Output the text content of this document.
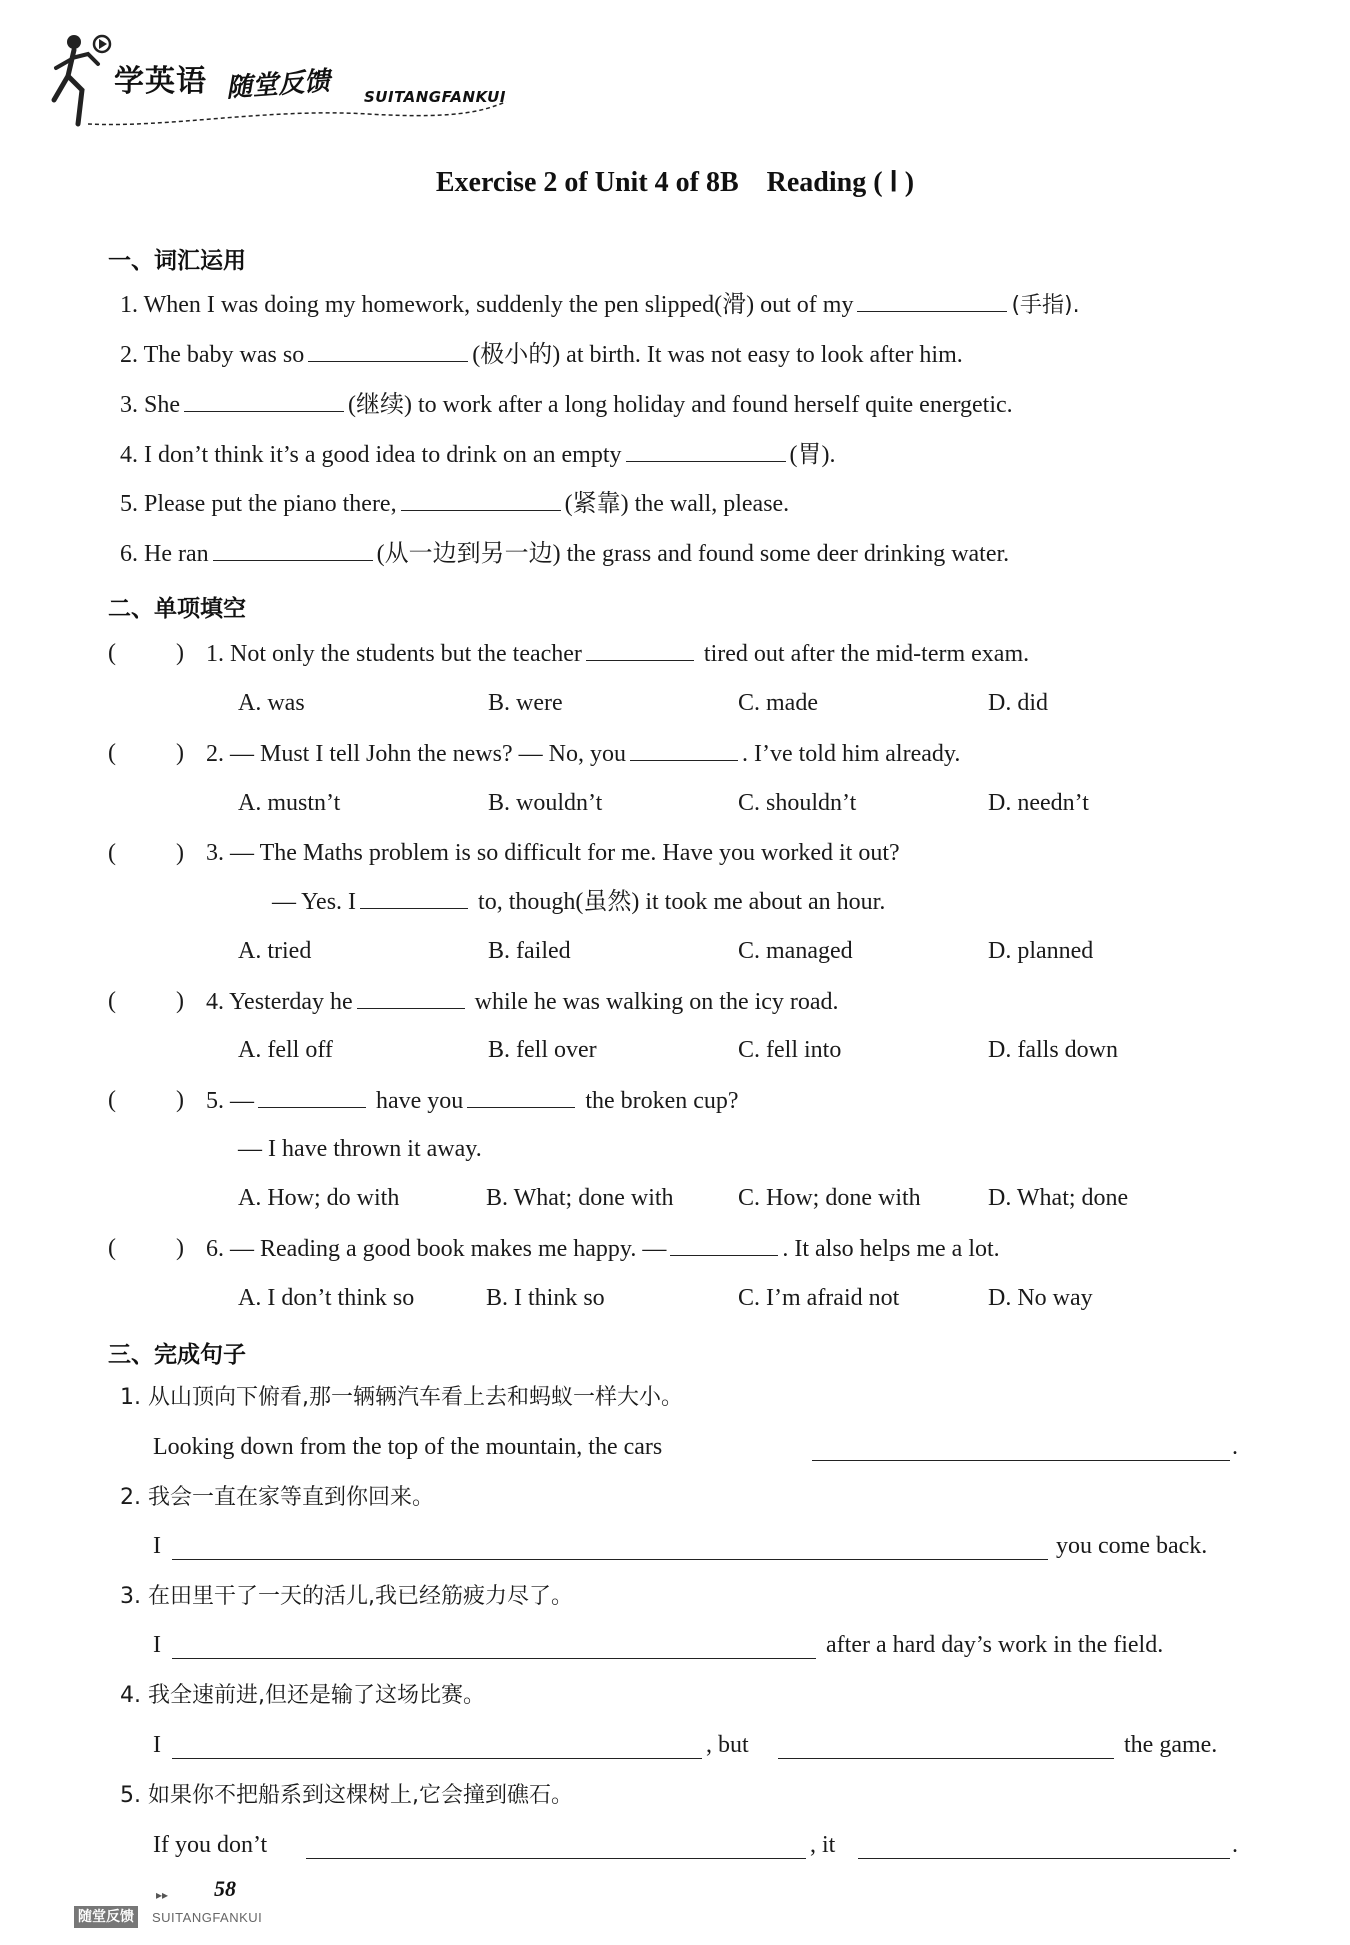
学英语 随堂反馈 SUITANGFANKUI
Exercise 2 of Unit 4 of 8B　Reading ( Ⅰ )
一、词汇运用
1. When I was doing my homework, suddenly the pen slipped(滑) out of my	(手指).
2. The baby was so	(极小的) at birth. It was not easy to look after him.
3. She	(继续) to work after a long holiday and found herself quite energetic.
4. I don’t think it’s a good idea to drink on an empty	(胃).
5. Please put the piano there,	(紧靠) the wall, please.
6. He ran	(从一边到另一边) the grass and found some deer drinking water.
二、单项填空
(	) 1. Not only the students but the teacher	tired out after the mid-term exam.
A. was	B. were	C. made	D. did
(	) 2. — Must I tell John the news? — No, you	. I’ve told him already.
A. mustn’t	B. wouldn’t	C. shouldn’t	D. needn’t
(	) 3. — The Maths problem is so difficult for me. Have you worked it out?
— Yes. I	to, though(虽然) it took me about an hour.
A. tried	B. failed	C. managed	D. planned
(	) 4. Yesterday he	while he was walking on the icy road.
A. fell off	B. fell over	C. fell into	D. falls down
(	) 5. —	have you	the broken cup?
— I have thrown it away.
A. How; do with	B. What; done with	C. How; done with	D. What; done
(	) 6. — Reading a good book makes me happy. —	. It also helps me a lot.
A. I don’t think so	B. I think so	C. I’m afraid not	D. No way
三、完成句子
1. 从山顶向下俯看,那一辆辆汽车看上去和蚂蚁一样大小。
Looking down from the top of the mountain, the cars	.
2. 我会一直在家等直到你回来。
I	you come back.
3. 在田里干了一天的活儿,我已经筋疲力尽了。
I	after a hard day’s work in the field.
4. 我全速前进,但还是输了这场比赛。
I	, but	the game.
5. 如果你不把船系到这棵树上,它会撞到礁石。
If you don’t	, it	.
▸▸ 58
随堂反馈	SUITANGFANKUI
